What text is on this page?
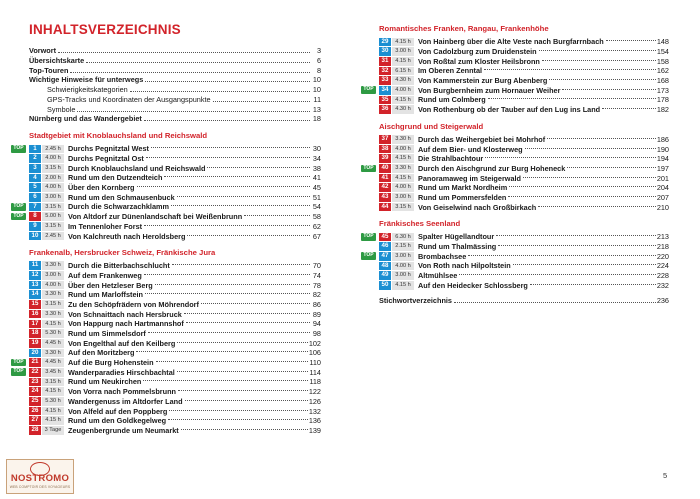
INHALTSVERZEICHNIS
Vorwort	3
Übersichtskarte	6
Top-Touren	8
Wichtige Hinweise für unterwegs	10
Schwierigkeitskategorien	10
GPS-Tracks und Koordinaten der Ausgangspunkte	11
Symbole	13
Nürnberg und das Wandergebiet	18
Stadtgebiet mit Knoblauchsland und Reichswald
TOP	1	2.45 h Durchs Pegnitztal West	30
2	4.00 h Durchs Pegnitztal Ost	34
3	3.15 h Durch Knoblauchsland und Reichswald	38
4	2.00 h Rund um den Dutzendteich	41
5	4.00 h Über den Kornberg	45
6	3.00 h Rund um den Schmausenbuck	51
TOP	7	3.15 h Durch die Schwarzachklamm	54
TOP	8	5.00 h Von Altdorf zur Dünenlandschaft bei Weißenbrunn	58
9	3.15 h Im Tennenloher Forst	62
10	2.45 h Von Kalchreuth nach Heroldsberg	67
Frankenalb, Hersbrucker Schweiz, Fränkische Jura
11	3.30 h Durch die Bitterbachschlucht	70
12	3.00 h Auf dem Frankenweg	74
13	4.00 h Über den Hetzleser Berg	78
14	3.30 h Rund um Marloffstein	82
15	3.15 h Zu den Schöpfrädern von Möhrendorf	86
16	3.30 h Von Schnaittach nach Hersbruck	89
17	4.15 h Von Happurg nach Hartmannshof	94
18	5.30 h Rund um Simmelsdorf	98
19	4.45 h Von Engelthal auf den Keilberg	102
20	3.30 h Auf den Moritzberg	106
TOP	21	4.45 h Auf die Burg Hohenstein	110
TOP	22	3.45 h Wanderparadies Hirschbachtal	114
23	3.15 h Rund um Neukirchen	118
24	4.15 h Von Vorra nach Pommelsbrunn	122
25	5.30 h Wandergenuss im Altdorfer Land	126
26	4.15 h Von Alfeld auf den Poppberg	132
27	4.15 h Rund um den Goldkegelweg	136
28	3 Tage Zeugenbergrunde um Neumarkt	139
Romantisches Franken, Rangau, Frankenhöhe
29	4.15 h Von Hainberg über die Alte Veste nach Burgfarrnbach	148
30	3.00 h Von Cadolzburg zum Druidenstein	154
31	4.15 h Von Roßtal zum Kloster Heilsbronn	158
32	6.15 h Im Oberen Zenntal	162
33	4.30 h Von Kammerstein zur Burg Abenberg	168
TOP	34	4.00 h Von Burgbernheim zum Hornauer Weiher	173
35	4.15 h Rund um Colmberg	178
36	4.30 h Von Rothenburg ob der Tauber auf den Lug ins Land	182
Aischgrund und Steigerwald
37	3.30 h Durch das Weihergebiet bei Mohrhof	186
38	4.00 h Auf dem Bier- und Klosterweg	190
39	4.15 h Die Strahlbachtour	194
TOP	40	3.30 h Durch den Aischgrund zur Burg Hoheneck	197
41	4.15 h Panoramaweg im Steigerwald	201
42	4.00 h Rund um Markt Nordheim	204
43	3.00 h Rund um Pommersfelden	207
44	3.15 h Von Geiselwind nach Großbirkach	210
Fränkisches Seenland
TOP	45	6.30 h Spalter Hügellandtour	213
46	2.15 h Rund um Thalmässing	218
TOP	47	3.00 h Brombachsee	220
48	4.00 h Von Roth nach Hilpoltstein	224
49	3.00 h Altmühlsee	228
50	4.15 h Auf den Heidecker Schlossberg	232
Stichwortverzeichnis	236
NOSTROMO
WEB COMPTOIR DES VOYAGEURS
5
